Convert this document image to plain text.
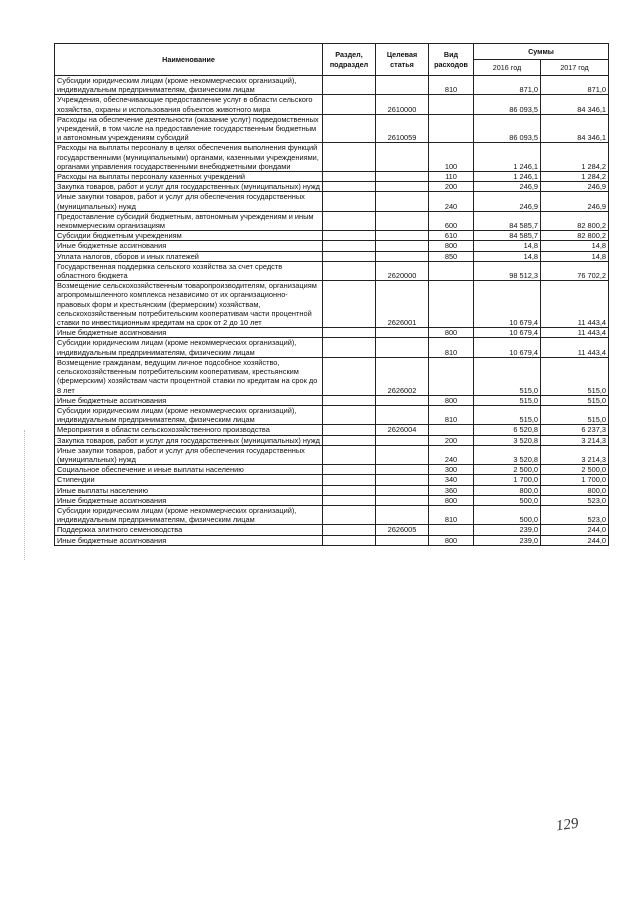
Наименование	Раздел, подраздел	Целевая статья	Вид расходов	Суммы	
				2016 год	2017 год
Субсидии юридическим лицам (кроме некоммерческих организаций), индивидуальным предпринимателям, физическим лицам			810	871,0	871,0
Учреждения, обеспечивающие предоставление услуг в области сельского хозяйства, охраны и использования объектов животного мира		2610000		86 093,5	84 346,1
Расходы на обеспечение деятельности (оказание услуг) подведомственных учреждений, в том числе на предоставление государственным бюджетным и автономным учреждениям субсидий		2610059		86 093,5	84 346,1
Расходы на выплаты персоналу в целях обеспечения выполнения функций государственными (муниципальными) органами, казенными учреждениями, органами управления государственными внебюджетными фондами			100	1 246,1	1 284,2
Расходы на выплаты персоналу казенных учреждений			110	1 246,1	1 284,2
Закупка товаров, работ и услуг для государственных (муниципальных) нужд			200	246,9	246,9
Иные закупки товаров, работ и услуг для обеспечения государственных (муниципальных) нужд			240	246,9	246,9
Предоставление субсидий бюджетным, автономным учреждениям и иным некоммерческим организациям			600	84 585,7	82 800,2
Субсидии бюджетным учреждениям			610	84 585,7	82 800,2
Иные бюджетные ассигнования			800	14,8	14,8
Уплата налогов, сборов и иных платежей			850	14,8	14,8
Государственная поддержка сельского хозяйства за счет средств областного бюджета		2620000		98 512,3	76 702,2
Возмещение сельскохозяйственным товаропроизводителям, организациям агропромышленного комплекса независимо от их организационно-правовых форм и крестьянским (фермерским) хозяйствам, сельскохозяйственным потребительским кооперативам части процентной ставки по инвестиционным кредитам на срок от 2 до 10 лет		2626001		10 679,4	11 443,4
Иные бюджетные ассигнования			800	10 679,4	11 443,4
Субсидии юридическим лицам (кроме некоммерческих организаций), индивидуальным предпринимателям, физическим лицам			810	10 679,4	11 443,4
Возмещение гражданам, ведущим личное подсобное хозяйство, сельскохозяйственным потребительским кооперативам, крестьянским (фермерским) хозяйствам части процентной ставки по кредитам на срок до 8 лет		2626002		515,0	515,0
Иные бюджетные ассигнования			800	515,0	515,0
Субсидии юридическим лицам (кроме некоммерческих организаций), индивидуальным предпринимателям, физическим лицам			810	515,0	515,0
Мероприятия в области сельскохозяйственного производства		2626004		6 520,8	6 237,3
Закупка товаров, работ и услуг для государственных (муниципальных) нужд			200	3 520,8	3 214,3
Иные закупки товаров, работ и услуг для обеспечения государственных (муниципальных) нужд			240	3 520,8	3 214,3
Социальное обеспечение и иные выплаты населению			300	2 500,0	2 500,0
Стипендии			340	1 700,0	1 700,0
Иные выплаты населению			360	800,0	800,0
Иные бюджетные ассигнования			800	500,0	523,0
Субсидии юридическим лицам (кроме некоммерческих организаций), индивидуальным предпринимателям, физическим лицам			810	500,0	523,0
Поддержка элитного семеноводства		2626005		239,0	244,0
Иные бюджетные ассигнования			800	239,0	244,0
129
